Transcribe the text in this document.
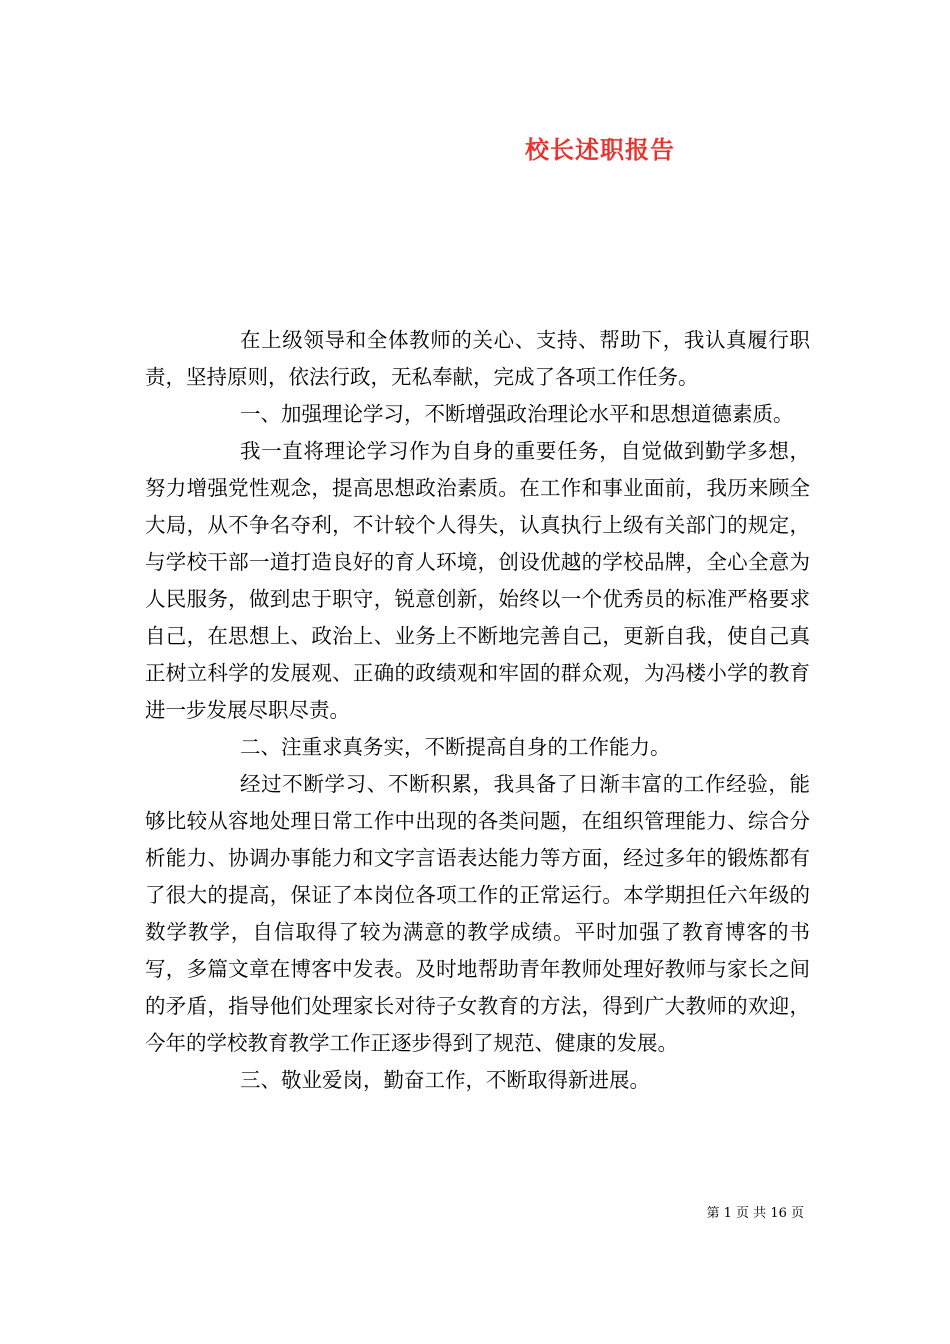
校长述职报告

在上级领导和全体教师的关心、支持、帮助下，我认真履行职责，坚持原则，依法行政，无私奉献，完成了各项工作任务。

一、加强理论学习，不断增强政治理论水平和思想道德素质。

我一直将理论学习作为自身的重要任务，自觉做到勤学多想，努力增强党性观念，提高思想政治素质。在工作和事业面前，我历来顾全大局，从不争名夺利，不计较个人得失，认真执行上级有关部门的规定，与学校干部一道打造良好的育人环境，创设优越的学校品牌，全心全意为人民服务，做到忠于职守，锐意创新，始终以一个优秀员的标准严格要求自己，在思想上、政治上、业务上不断地完善自己，更新自我，使自己真正树立科学的发展观、正确的政绩观和牢固的群众观，为冯楼小学的教育进一步发展尽职尽责。

二、注重求真务实，不断提高自身的工作能力。

经过不断学习、不断积累，我具备了日渐丰富的工作经验，能够比较从容地处理日常工作中出现的各类问题，在组织管理能力、综合分析能力、协调办事能力和文字言语表达能力等方面，经过多年的锻炼都有了很大的提高，保证了本岗位各项工作的正常运行。本学期担任六年级的数学教学，自信取得了较为满意的教学成绩。平时加强了教育博客的书写，多篇文章在博客中发表。及时地帮助青年教师处理好教师与家长之间的矛盾，指导他们处理家长对待子女教育的方法，得到广大教师的欢迎，今年的学校教育教学工作正逐步得到了规范、健康的发展。

三、敬业爱岗，勤奋工作，不断取得新进展。

第 1 页 共 16 页
